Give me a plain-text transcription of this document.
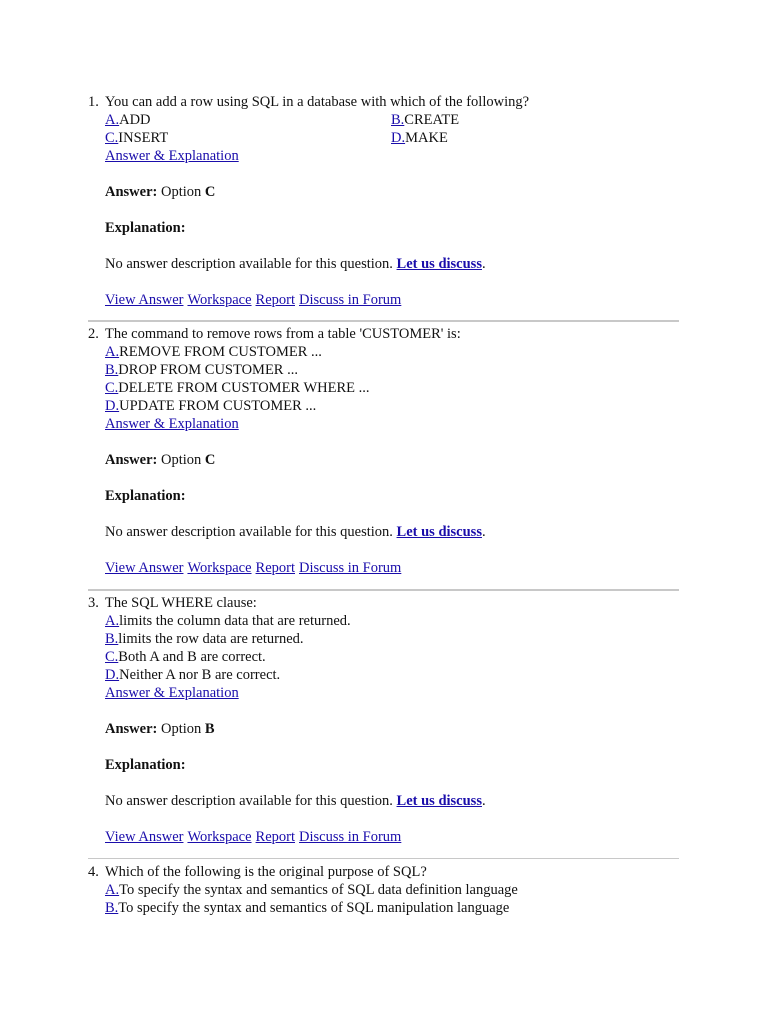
1. You can add a row using SQL in a database with which of the following?
A.ADD	B.CREATE
C.INSERT	D.MAKE
Answer & Explanation
Answer: Option C
Explanation:
No answer description available for this question. Let us discuss.
View Answer Workspace Report Discuss in Forum
2. The command to remove rows from a table 'CUSTOMER' is:
A.REMOVE FROM CUSTOMER ...
B.DROP FROM CUSTOMER ...
C.DELETE FROM CUSTOMER WHERE ...
D.UPDATE FROM CUSTOMER ...
Answer & Explanation
Answer: Option C
Explanation:
No answer description available for this question. Let us discuss.
View Answer Workspace Report Discuss in Forum
3. The SQL WHERE clause:
A.limits the column data that are returned.
B.limits the row data are returned.
C.Both A and B are correct.
D.Neither A nor B are correct.
Answer & Explanation
Answer: Option B
Explanation:
No answer description available for this question. Let us discuss.
View Answer Workspace Report Discuss in Forum
4. Which of the following is the original purpose of SQL?
A.To specify the syntax and semantics of SQL data definition language
B.To specify the syntax and semantics of SQL manipulation language
